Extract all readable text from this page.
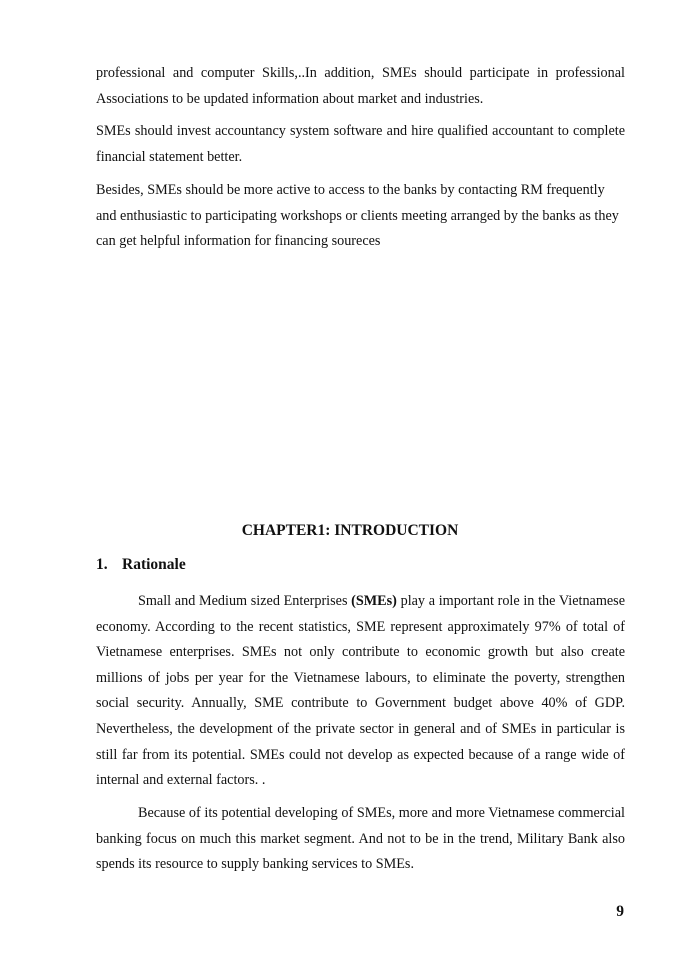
professional and computer Skills,..In addition, SMEs should participate in professional Associations to be updated information about market and industries.

SMEs should invest accountancy system software and hire qualified accountant to complete financial statement better.

Besides, SMEs should be more active to access to the banks by contacting RM frequently and enthusiastic to participating workshops or clients meeting arranged by the banks as they can get helpful information for financing soureces

CHAPTER1: INTRODUCTION
1. Rationale

Small and Medium sized Enterprises (SMEs) play a important role in the Vietnamese economy. According to the recent statistics, SME represent approximately 97% of total of Vietnamese enterprises. SMEs not only contribute to economic growth but also create millions of jobs per year for the Vietnamese labours, to eliminate the poverty, strengthen social security. Annually, SME contribute to Government budget above 40% of GDP. Nevertheless, the development of the private sector in general and of SMEs in particular is still far from its potential. SMEs could not develop as expected because of a range wide of internal and external factors. .

Because of its potential developing of SMEs, more and more Vietnamese commercial banking focus on much this market segment. And not to be in the trend, Military Bank also spends its resource to supply banking services to SMEs.

9
